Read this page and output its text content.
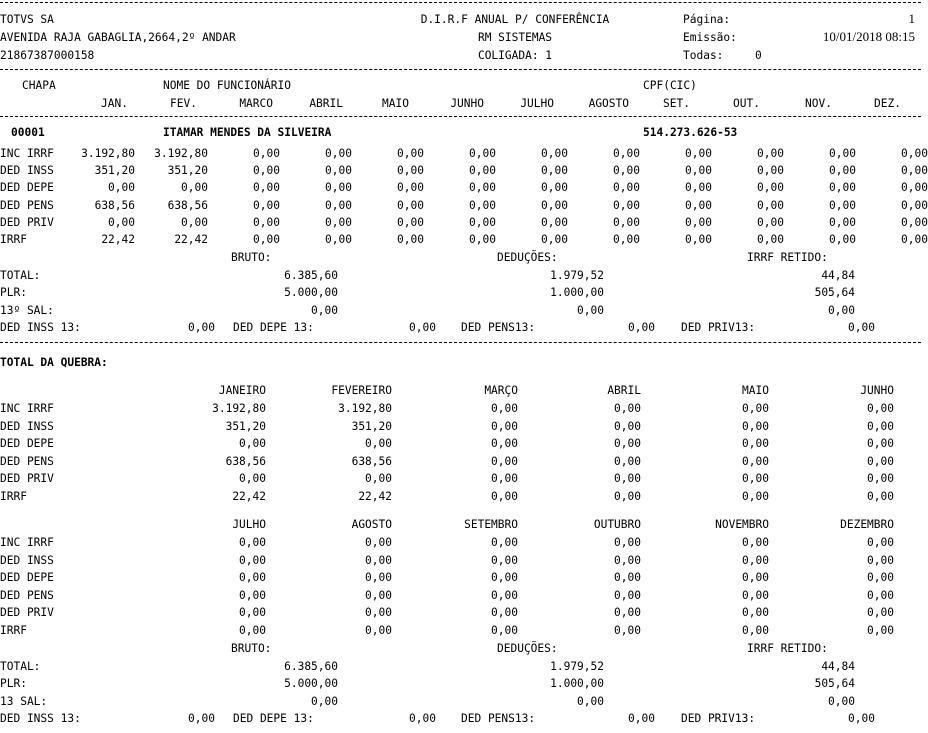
TOTVS SA
AVENIDA RAJA GABAGLIA,2664,2º ANDAR
21867387000158
D.I.R.F ANUAL P/ CONFERÊNCIA
RM SISTEMAS
COLIGADA: 1
Página:	1
Emissão:	10/01/2018 08:15
Todas:	0
CHAPA	NOME DO FUNCIONÁRIO	CPF(CIC)
JAN.	FEV.	MARCO	ABRIL	MAIO	JUNHO	JULHO	AGOSTO	SET.	OUT.	NOV.	DEZ.
00001	ITAMAR MENDES DA SILVEIRA	514.273.626-53
INC IRRF	3.192,80	3.192,80	0,00	0,00	0,00	0,00	0,00	0,00	0,00	0,00	0,00	0,00
DED INSS	351,20	351,20	0,00	0,00	0,00	0,00	0,00	0,00	0,00	0,00	0,00	0,00
DED DEPE	0,00	0,00	0,00	0,00	0,00	0,00	0,00	0,00	0,00	0,00	0,00	0,00
DED PENS	638,56	638,56	0,00	0,00	0,00	0,00	0,00	0,00	0,00	0,00	0,00	0,00
DED PRIV	0,00	0,00	0,00	0,00	0,00	0,00	0,00	0,00	0,00	0,00	0,00	0,00
IRRF	22,42	22,42	0,00	0,00	0,00	0,00	0,00	0,00	0,00	0,00	0,00	0,00
BRUTO:	DEDUÇÕES:	IRRF RETIDO:
TOTAL:	6.385,60	1.979,52	44,84
PLR:	5.000,00	1.000,00	505,64
13º SAL:	0,00	0,00	0,00
DED INSS 13:	0,00 DED DEPE 13:	0,00 DED PENS13:	0,00 DED PRIV13:	0,00
TOTAL DA QUEBRA:
JANEIRO	FEVEREIRO	MARÇO	ABRIL	MAIO	JUNHO
INC IRRF	3.192,80	3.192,80	0,00	0,00	0,00	0,00
DED INSS	351,20	351,20	0,00	0,00	0,00	0,00
DED DEPE	0,00	0,00	0,00	0,00	0,00	0,00
DED PENS	638,56	638,56	0,00	0,00	0,00	0,00
DED PRIV	0,00	0,00	0,00	0,00	0,00	0,00
IRRF	22,42	22,42	0,00	0,00	0,00	0,00
JULHO	AGOSTO	SETEMBRO	OUTUBRO	NOVEMBRO	DEZEMBRO
INC IRRF	0,00	0,00	0,00	0,00	0,00	0,00
DED INSS	0,00	0,00	0,00	0,00	0,00	0,00
DED DEPE	0,00	0,00	0,00	0,00	0,00	0,00
DED PENS	0,00	0,00	0,00	0,00	0,00	0,00
DED PRIV	0,00	0,00	0,00	0,00	0,00	0,00
IRRF	0,00	0,00	0,00	0,00	0,00	0,00
BRUTO:	DEDUÇÕES:	IRRF RETIDO:
TOTAL:	6.385,60	1.979,52	44,84
PLR:	5.000,00	1.000,00	505,64
13 SAL:	0,00	0,00	0,00
DED INSS 13:	0,00 DED DEPE 13:	0,00 DED PENS13:	0,00 DED PRIV13:	0,00
